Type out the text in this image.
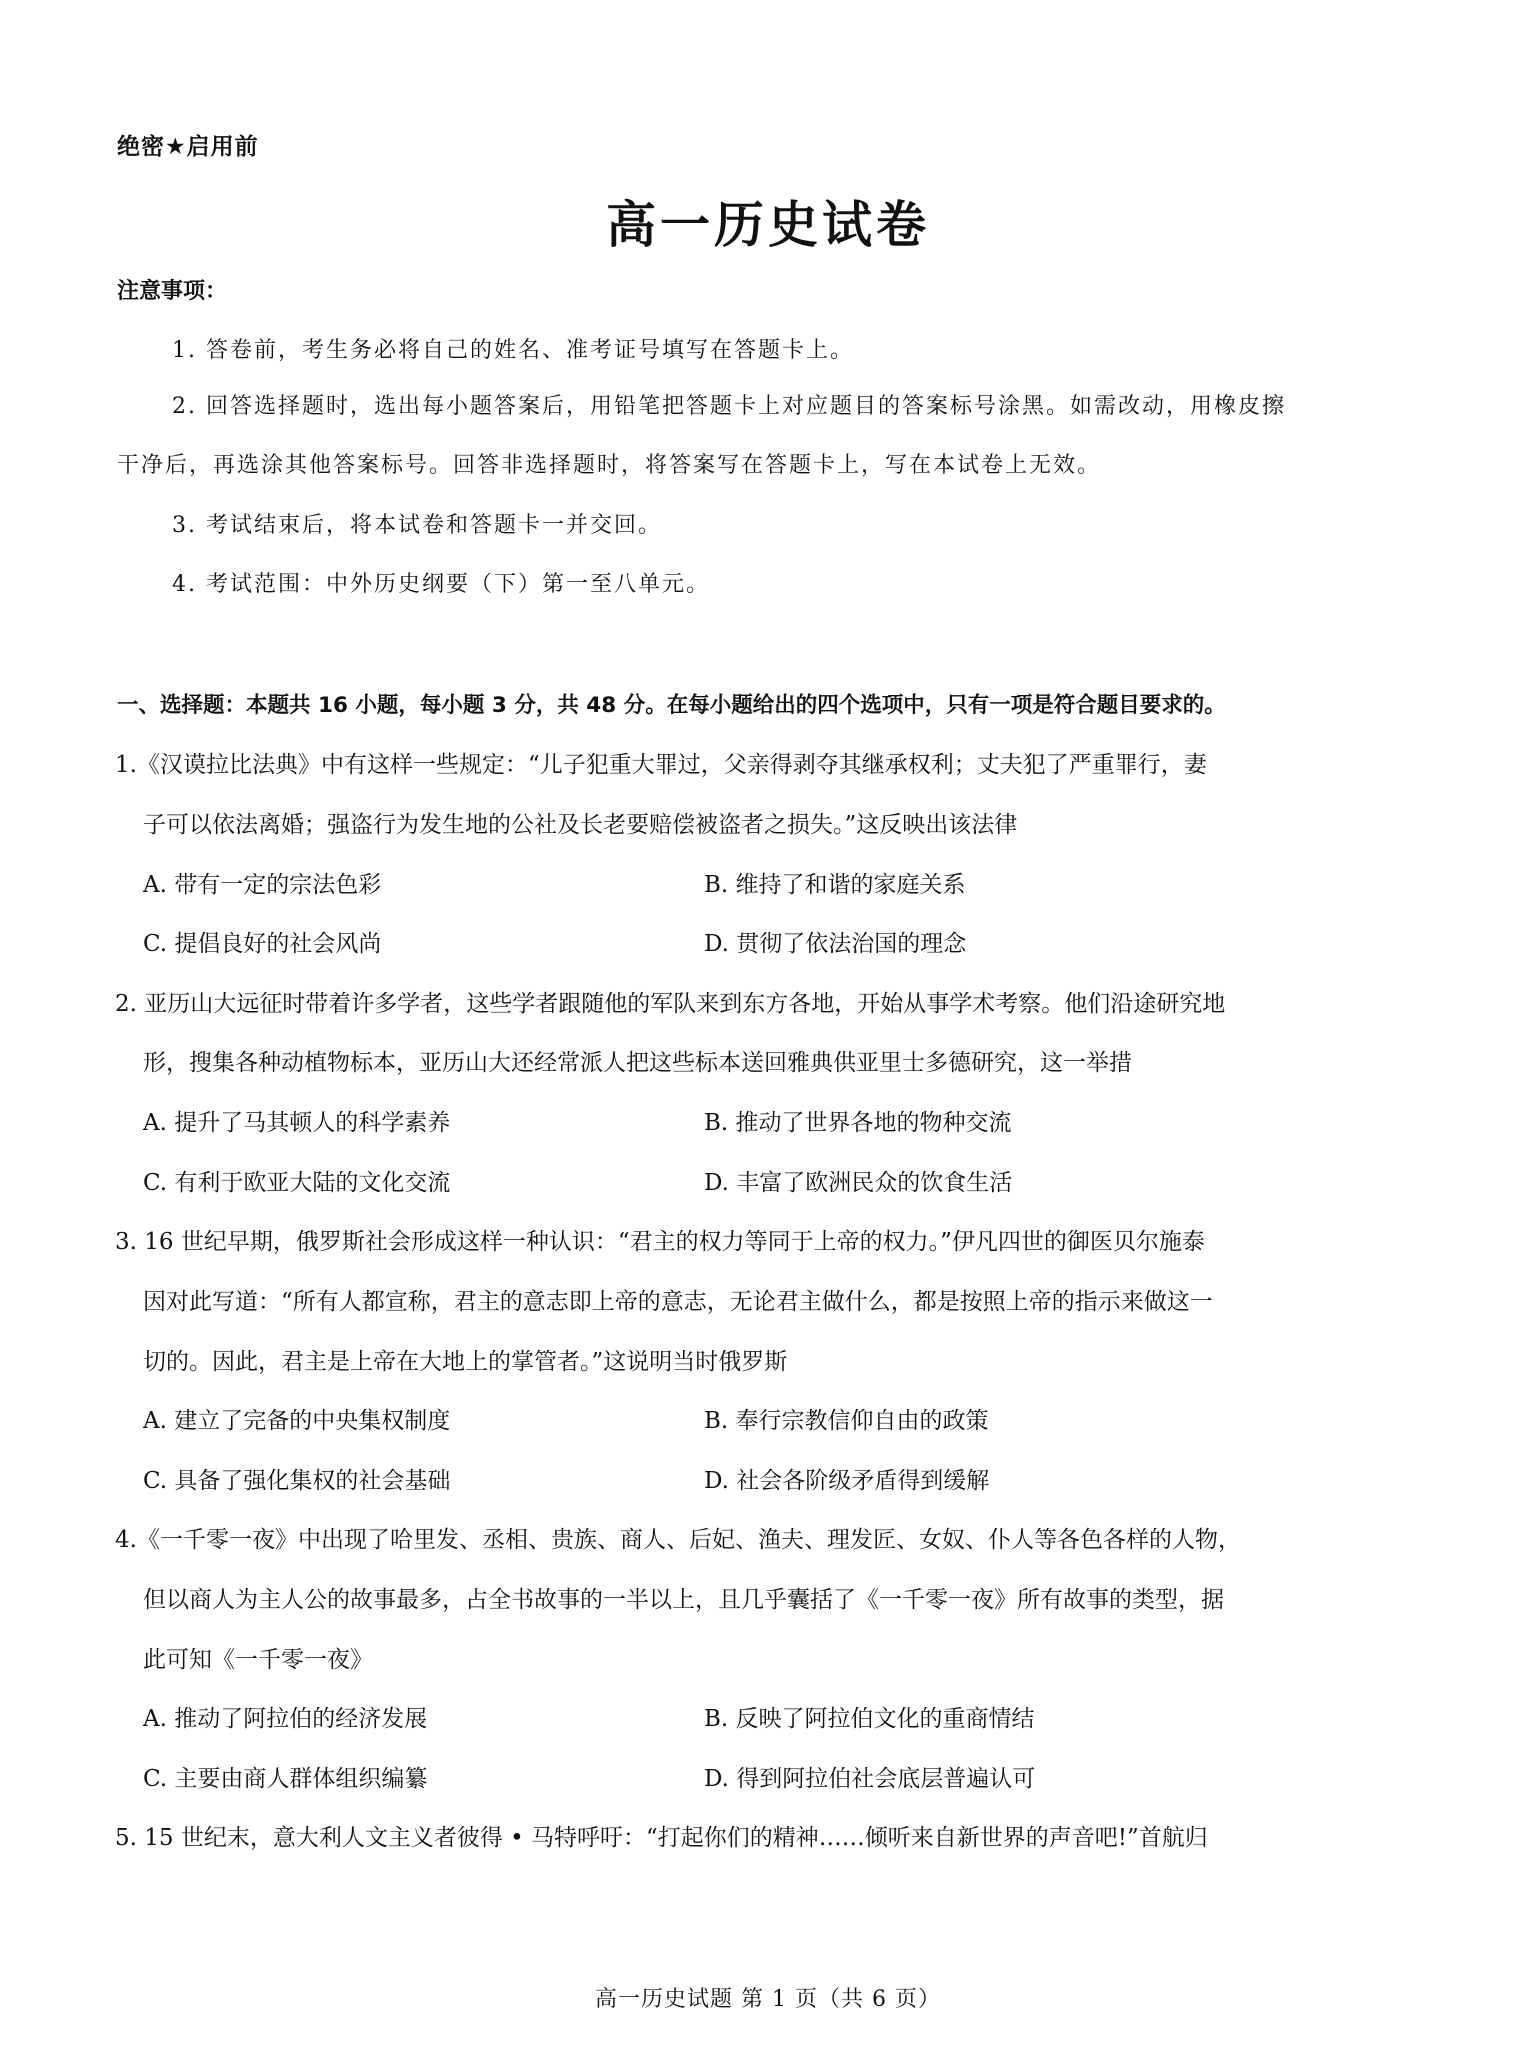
绝密★启用前
高一历史试卷
注意事项：
1. 答卷前，考生务必将自己的姓名、准考证号填写在答题卡上。
2. 回答选择题时，选出每小题答案后，用铅笔把答题卡上对应题目的答案标号涂黑。如需改动，用橡皮擦
干净后，再选涂其他答案标号。回答非选择题时，将答案写在答题卡上，写在本试卷上无效。
3. 考试结束后，将本试卷和答题卡一并交回。
4. 考试范围：中外历史纲要（下）第一至八单元。
一、选择题：本题共 16 小题，每小题 3 分，共 48 分。在每小题给出的四个选项中，只有一项是符合题目要求的。
1.《汉谟拉比法典》中有这样一些规定：“儿子犯重大罪过，父亲得剥夺其继承权利；丈夫犯了严重罪行，妻
子可以依法离婚；强盗行为发生地的公社及长老要赔偿被盗者之损失。”这反映出该法律
A. 带有一定的宗法色彩	B. 维持了和谐的家庭关系
C. 提倡良好的社会风尚	D. 贯彻了依法治国的理念
2. 亚历山大远征时带着许多学者，这些学者跟随他的军队来到东方各地，开始从事学术考察。他们沿途研究地
形，搜集各种动植物标本，亚历山大还经常派人把这些标本送回雅典供亚里士多德研究，这一举措
A. 提升了马其顿人的科学素养	B. 推动了世界各地的物种交流
C. 有利于欧亚大陆的文化交流	D. 丰富了欧洲民众的饮食生活
3. 16 世纪早期，俄罗斯社会形成这样一种认识：“君主的权力等同于上帝的权力。”伊凡四世的御医贝尔施泰
因对此写道：“所有人都宣称，君主的意志即上帝的意志，无论君主做什么，都是按照上帝的指示来做这一
切的。因此，君主是上帝在大地上的掌管者。”这说明当时俄罗斯
A. 建立了完备的中央集权制度	B. 奉行宗教信仰自由的政策
C. 具备了强化集权的社会基础	D. 社会各阶级矛盾得到缓解
4.《一千零一夜》中出现了哈里发、丞相、贵族、商人、后妃、渔夫、理发匠、女奴、仆人等各色各样的人物，
但以商人为主人公的故事最多，占全书故事的一半以上，且几乎囊括了《一千零一夜》所有故事的类型，据
此可知《一千零一夜》
A. 推动了阿拉伯的经济发展	B. 反映了阿拉伯文化的重商情结
C. 主要由商人群体组织编纂	D. 得到阿拉伯社会底层普遍认可
5. 15 世纪末，意大利人文主义者彼得 • 马特呼吁：“打起你们的精神……倾听来自新世界的声音吧!”首航归
高一历史试题 第 1 页（共 6 页）
